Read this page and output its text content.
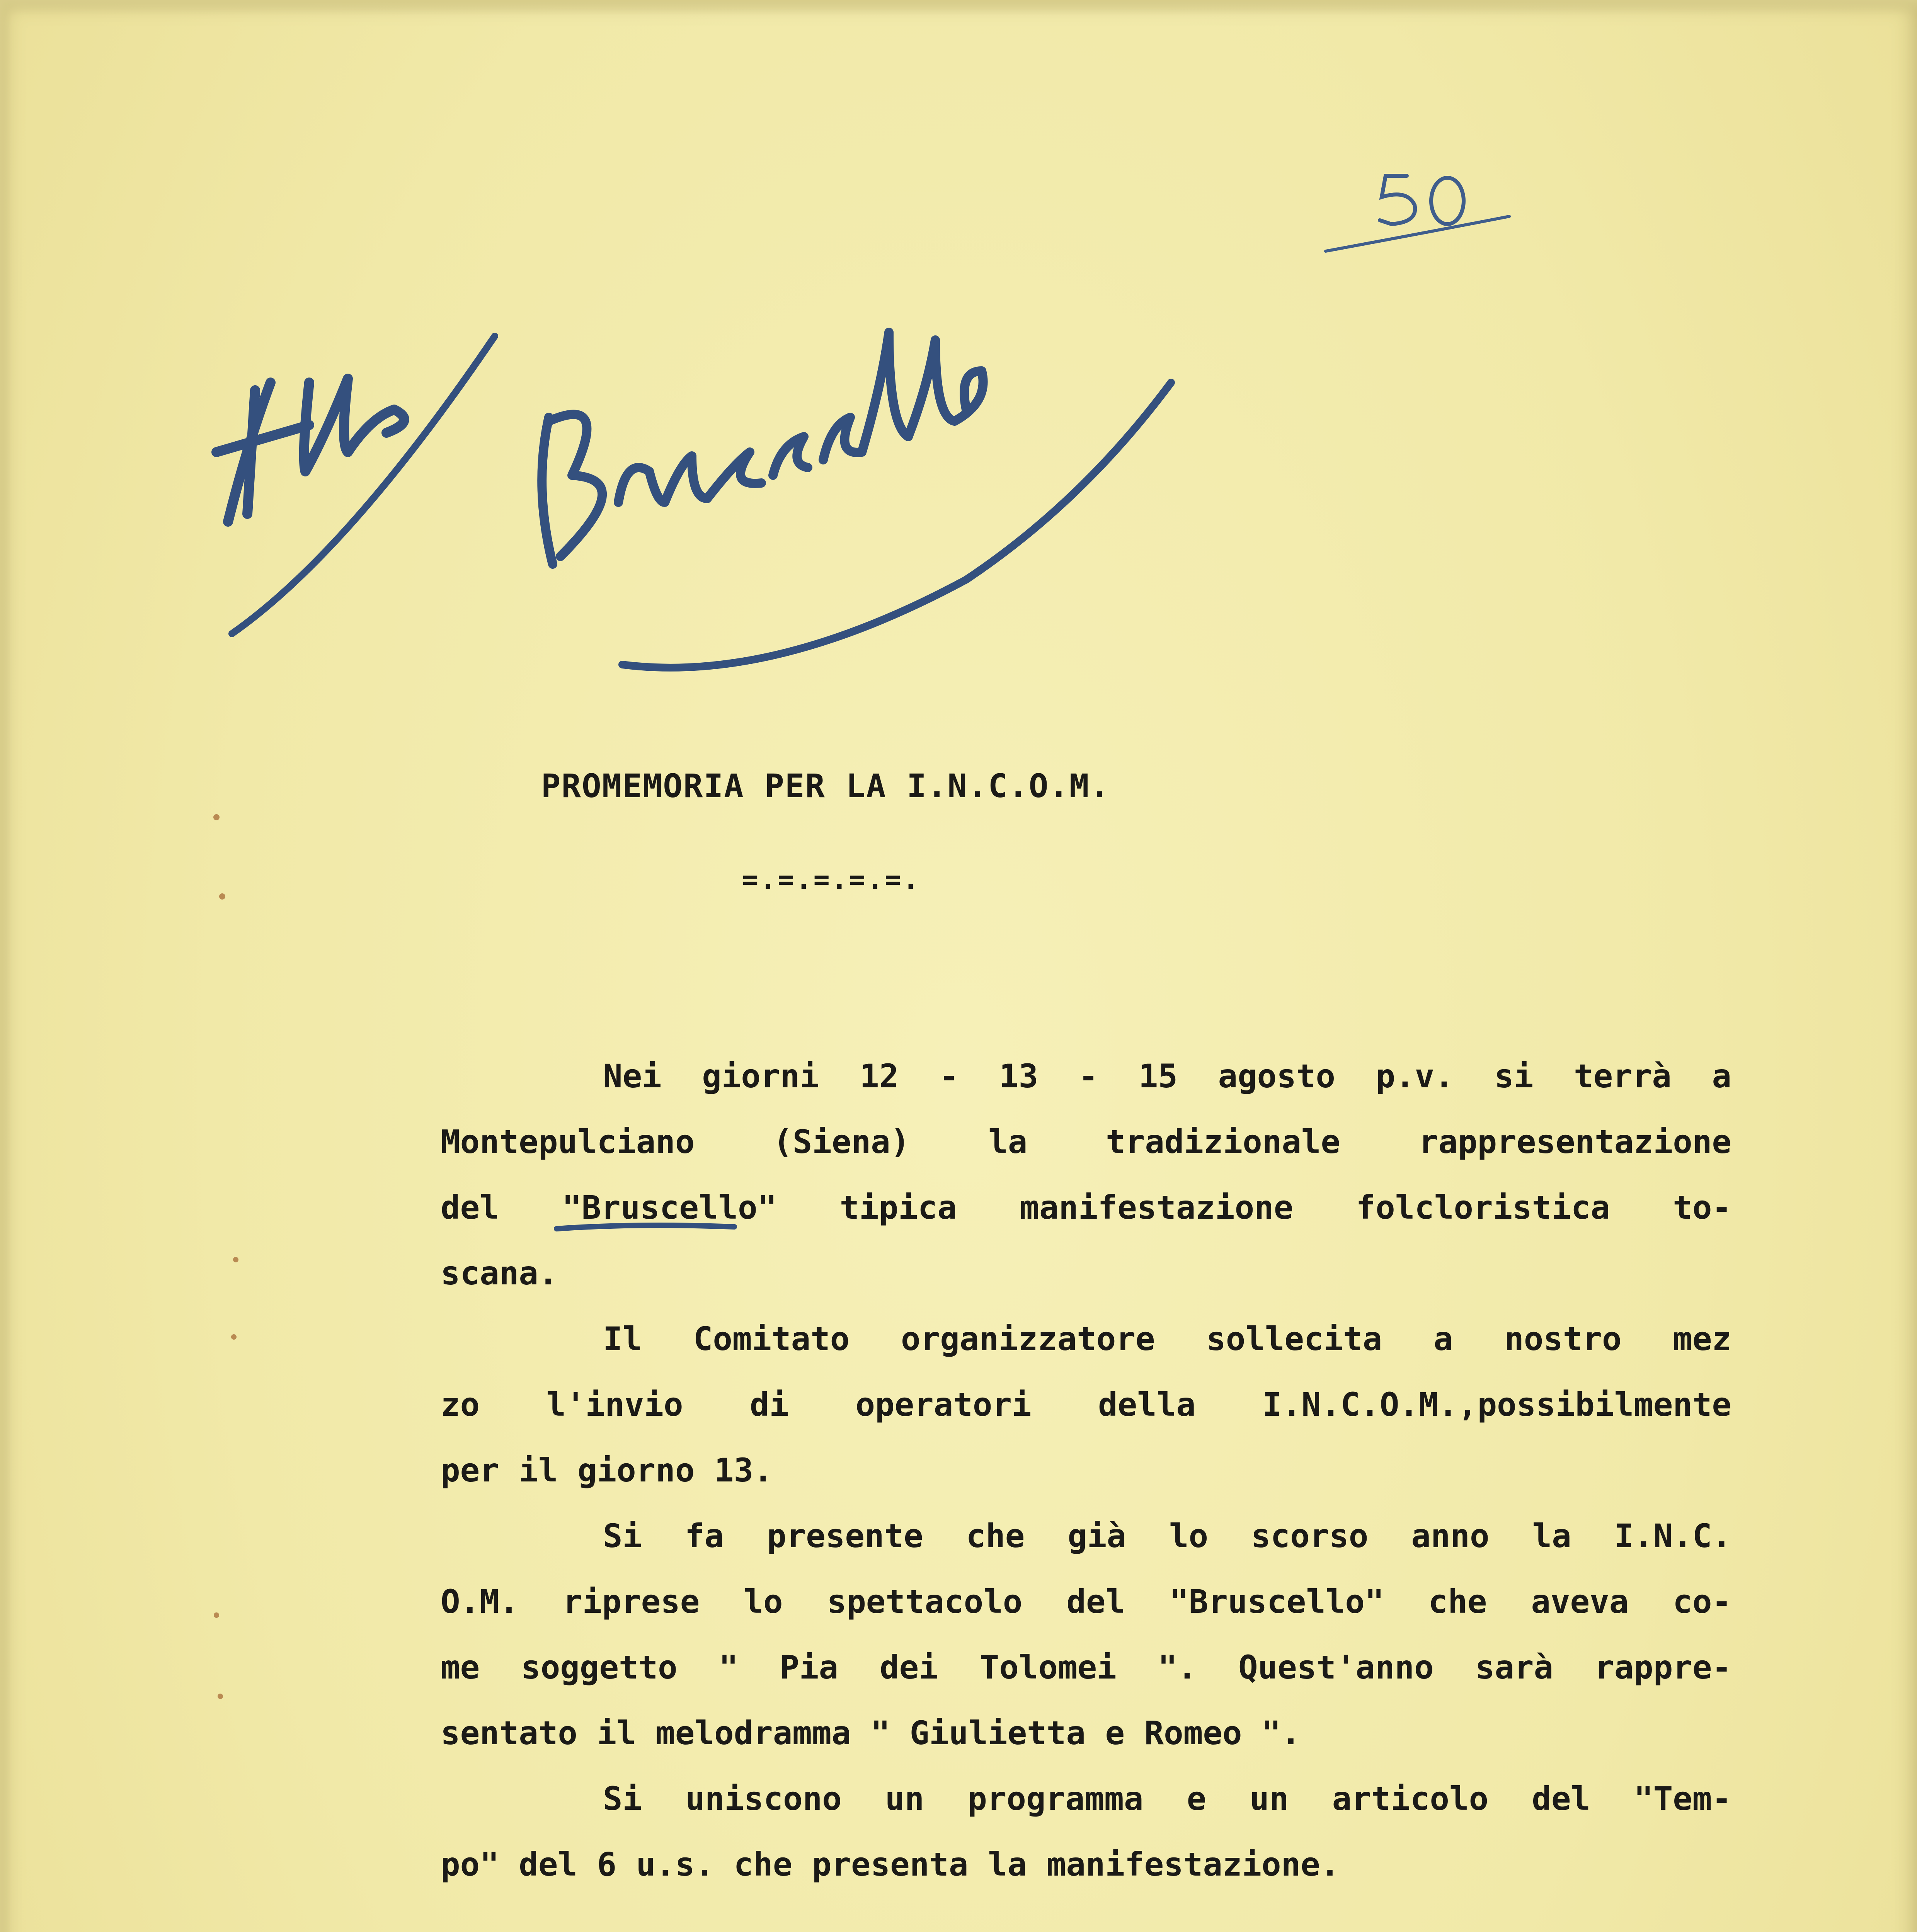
PROMEMORIA PER LA I.N.C.O.M.
=.=.=.=.=.
Nei giorni 12 - 13 - 15 agosto p.v. si terrà a
Montepulciano (Siena) la tradizionale rappresentazione
del "Bruscello" tipica manifestazione folcloristica to-
scana.
Il Comitato organizzatore sollecita a nostro mez
zo l'invio di operatori della I.N.C.O.M.,possibilmente
per il giorno 13.
Si fa presente che già lo scorso anno la I.N.C.
O.M. riprese lo spettacolo del "Bruscello" che aveva co-
me soggetto " Pia dei Tolomei ". Quest'anno sarà rappre-
sentato il melodramma " Giulietta e Romeo ".
Si uniscono un programma e un articolo del "Tem-
po" del 6 u.s. che presenta la manifestazione.
